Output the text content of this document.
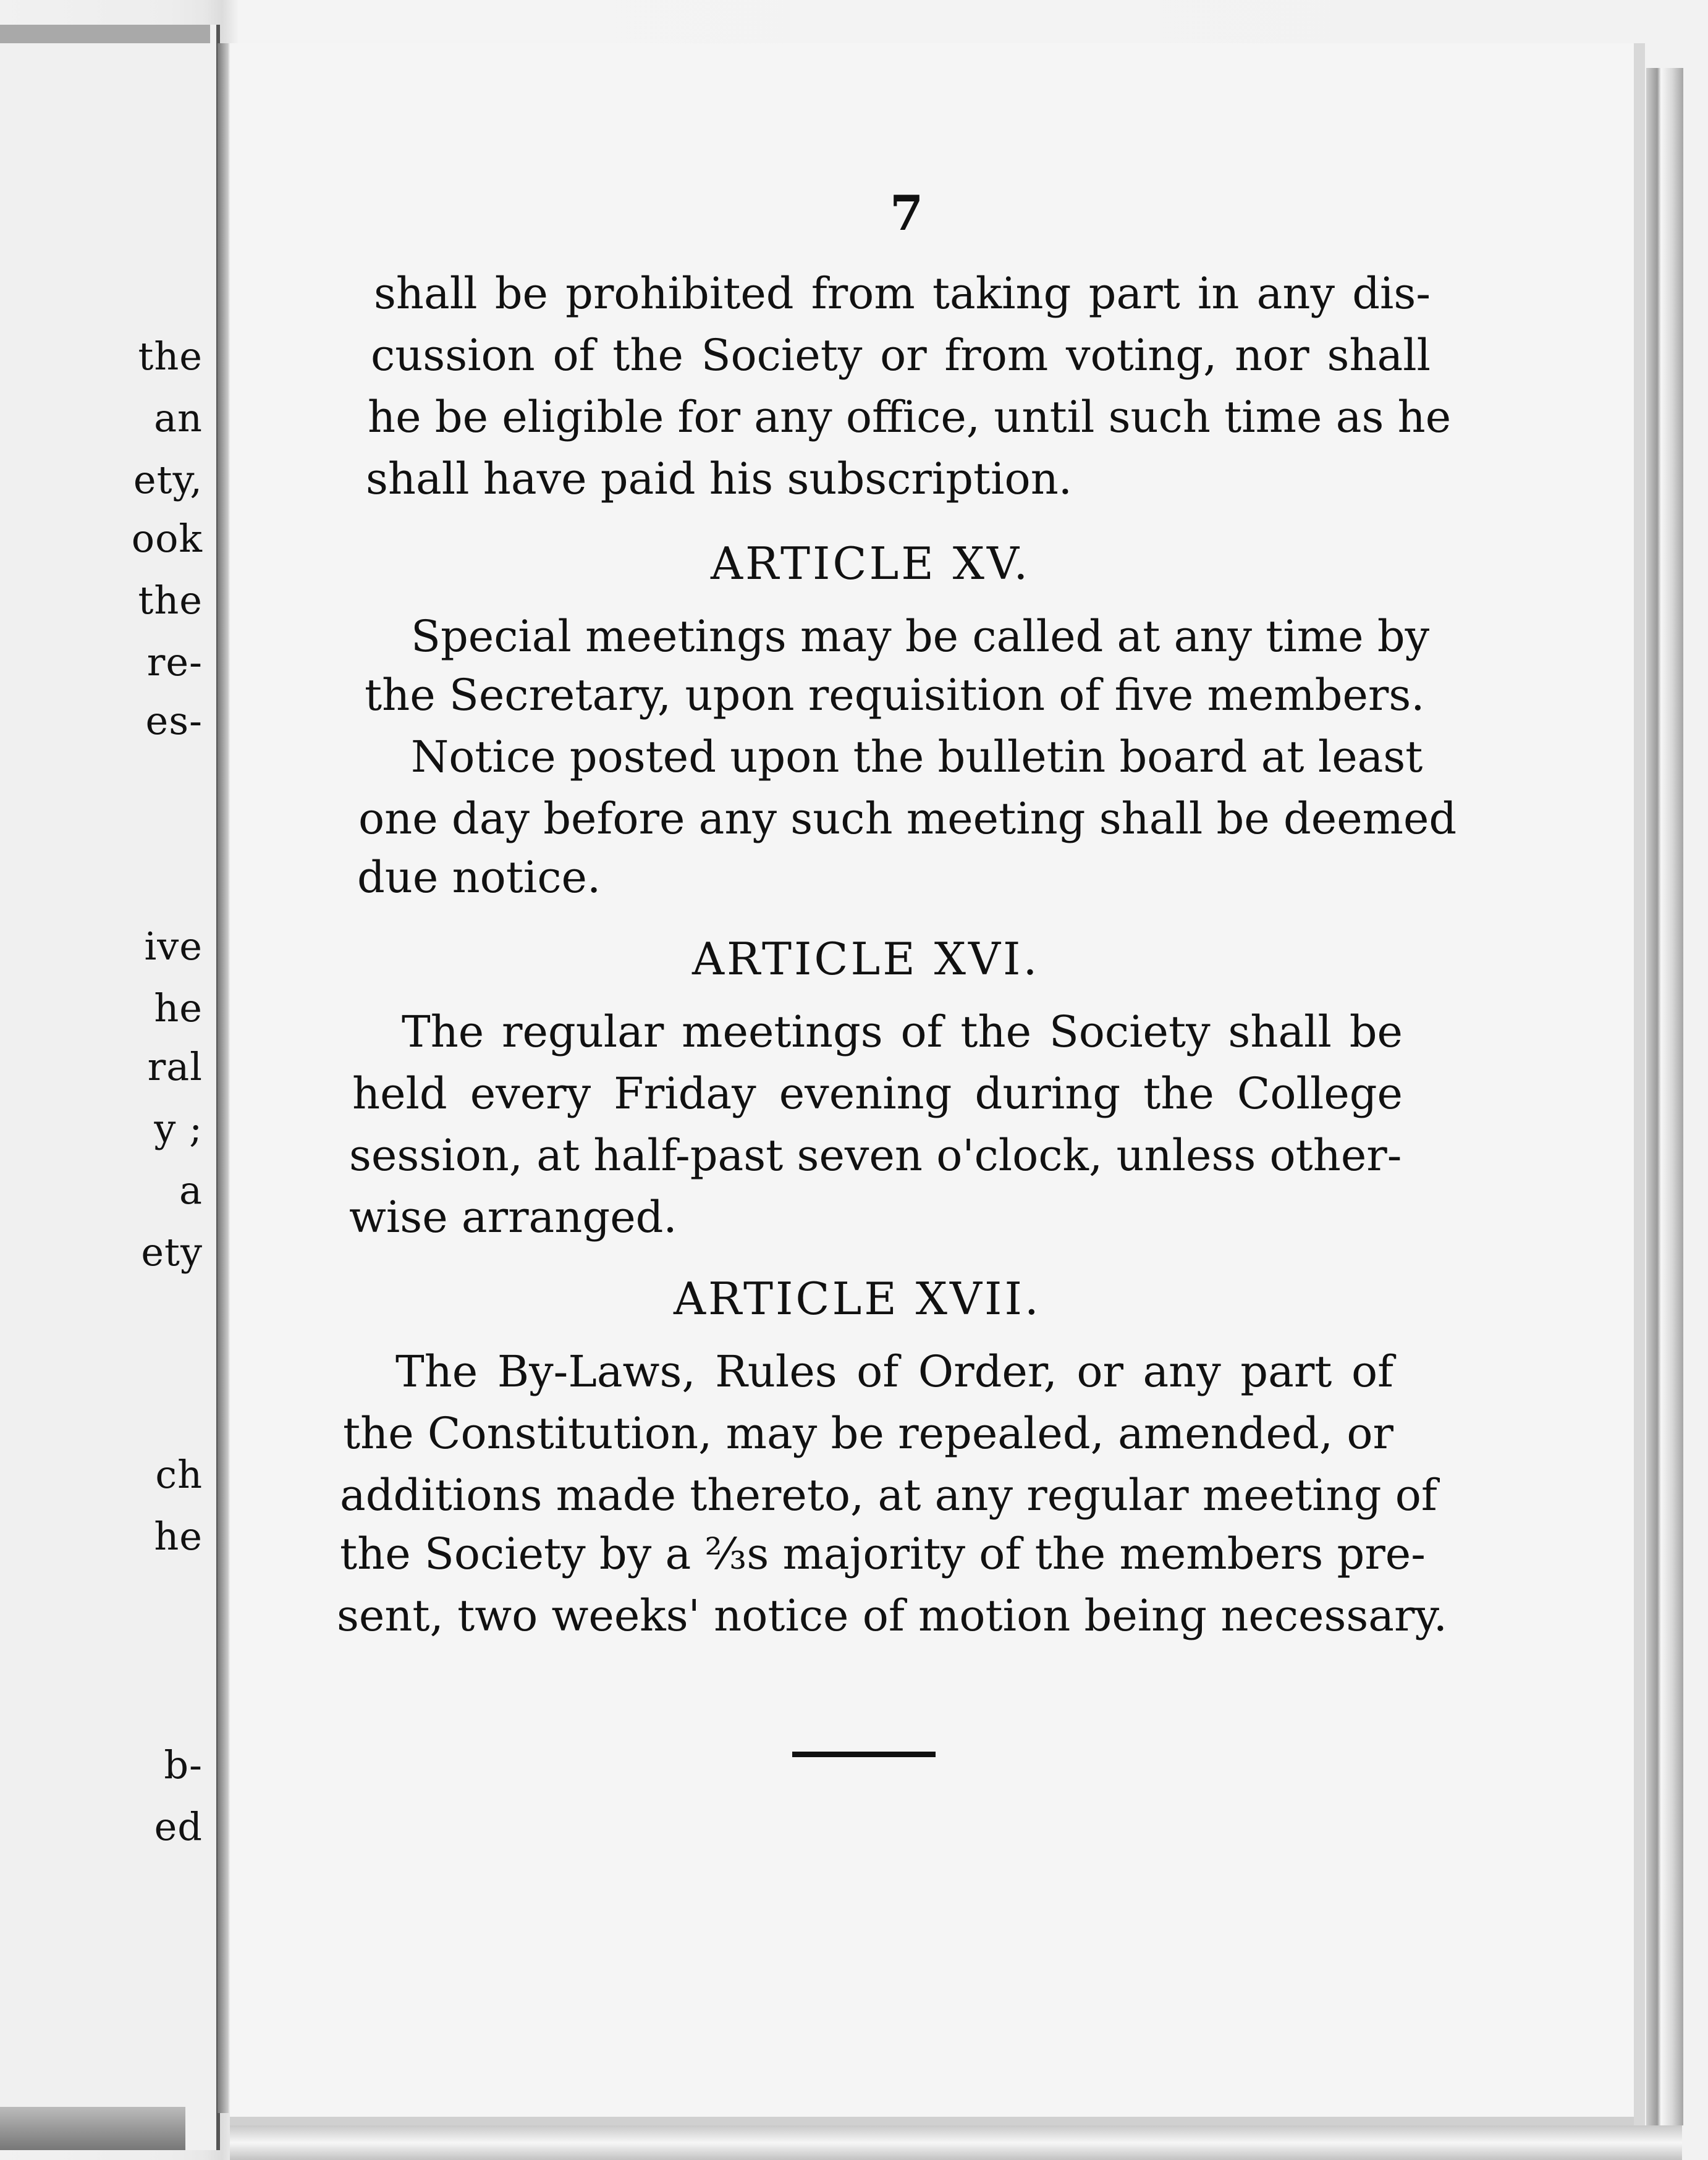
the
an
ety,
ook
the
re-
es-
ive
he
ral
y ;
a
ety
ch
he
b-
ed
7
shall be prohibited from taking part in any dis-
cussion of the Society or from voting, nor shall
he be eligible for any office, until such time as he
shall have paid his subscription.
ARTICLE XV.
Special meetings may be called at any time by
the Secretary, upon requisition of five members.
Notice posted upon the bulletin board at least
one day before any such meeting shall be deemed
due notice.
ARTICLE XVI.
The regular meetings of the Society shall be
held every Friday evening during the College
session, at half-past seven o'clock, unless other-
wise arranged.
ARTICLE XVII.
The By-Laws, Rules of Order, or any part of
the Constitution, may be repealed, amended, or
additions made thereto, at any regular meeting of
the Society by a ⅔s majority of the members pre-
sent, two weeks' notice of motion being necessary.
